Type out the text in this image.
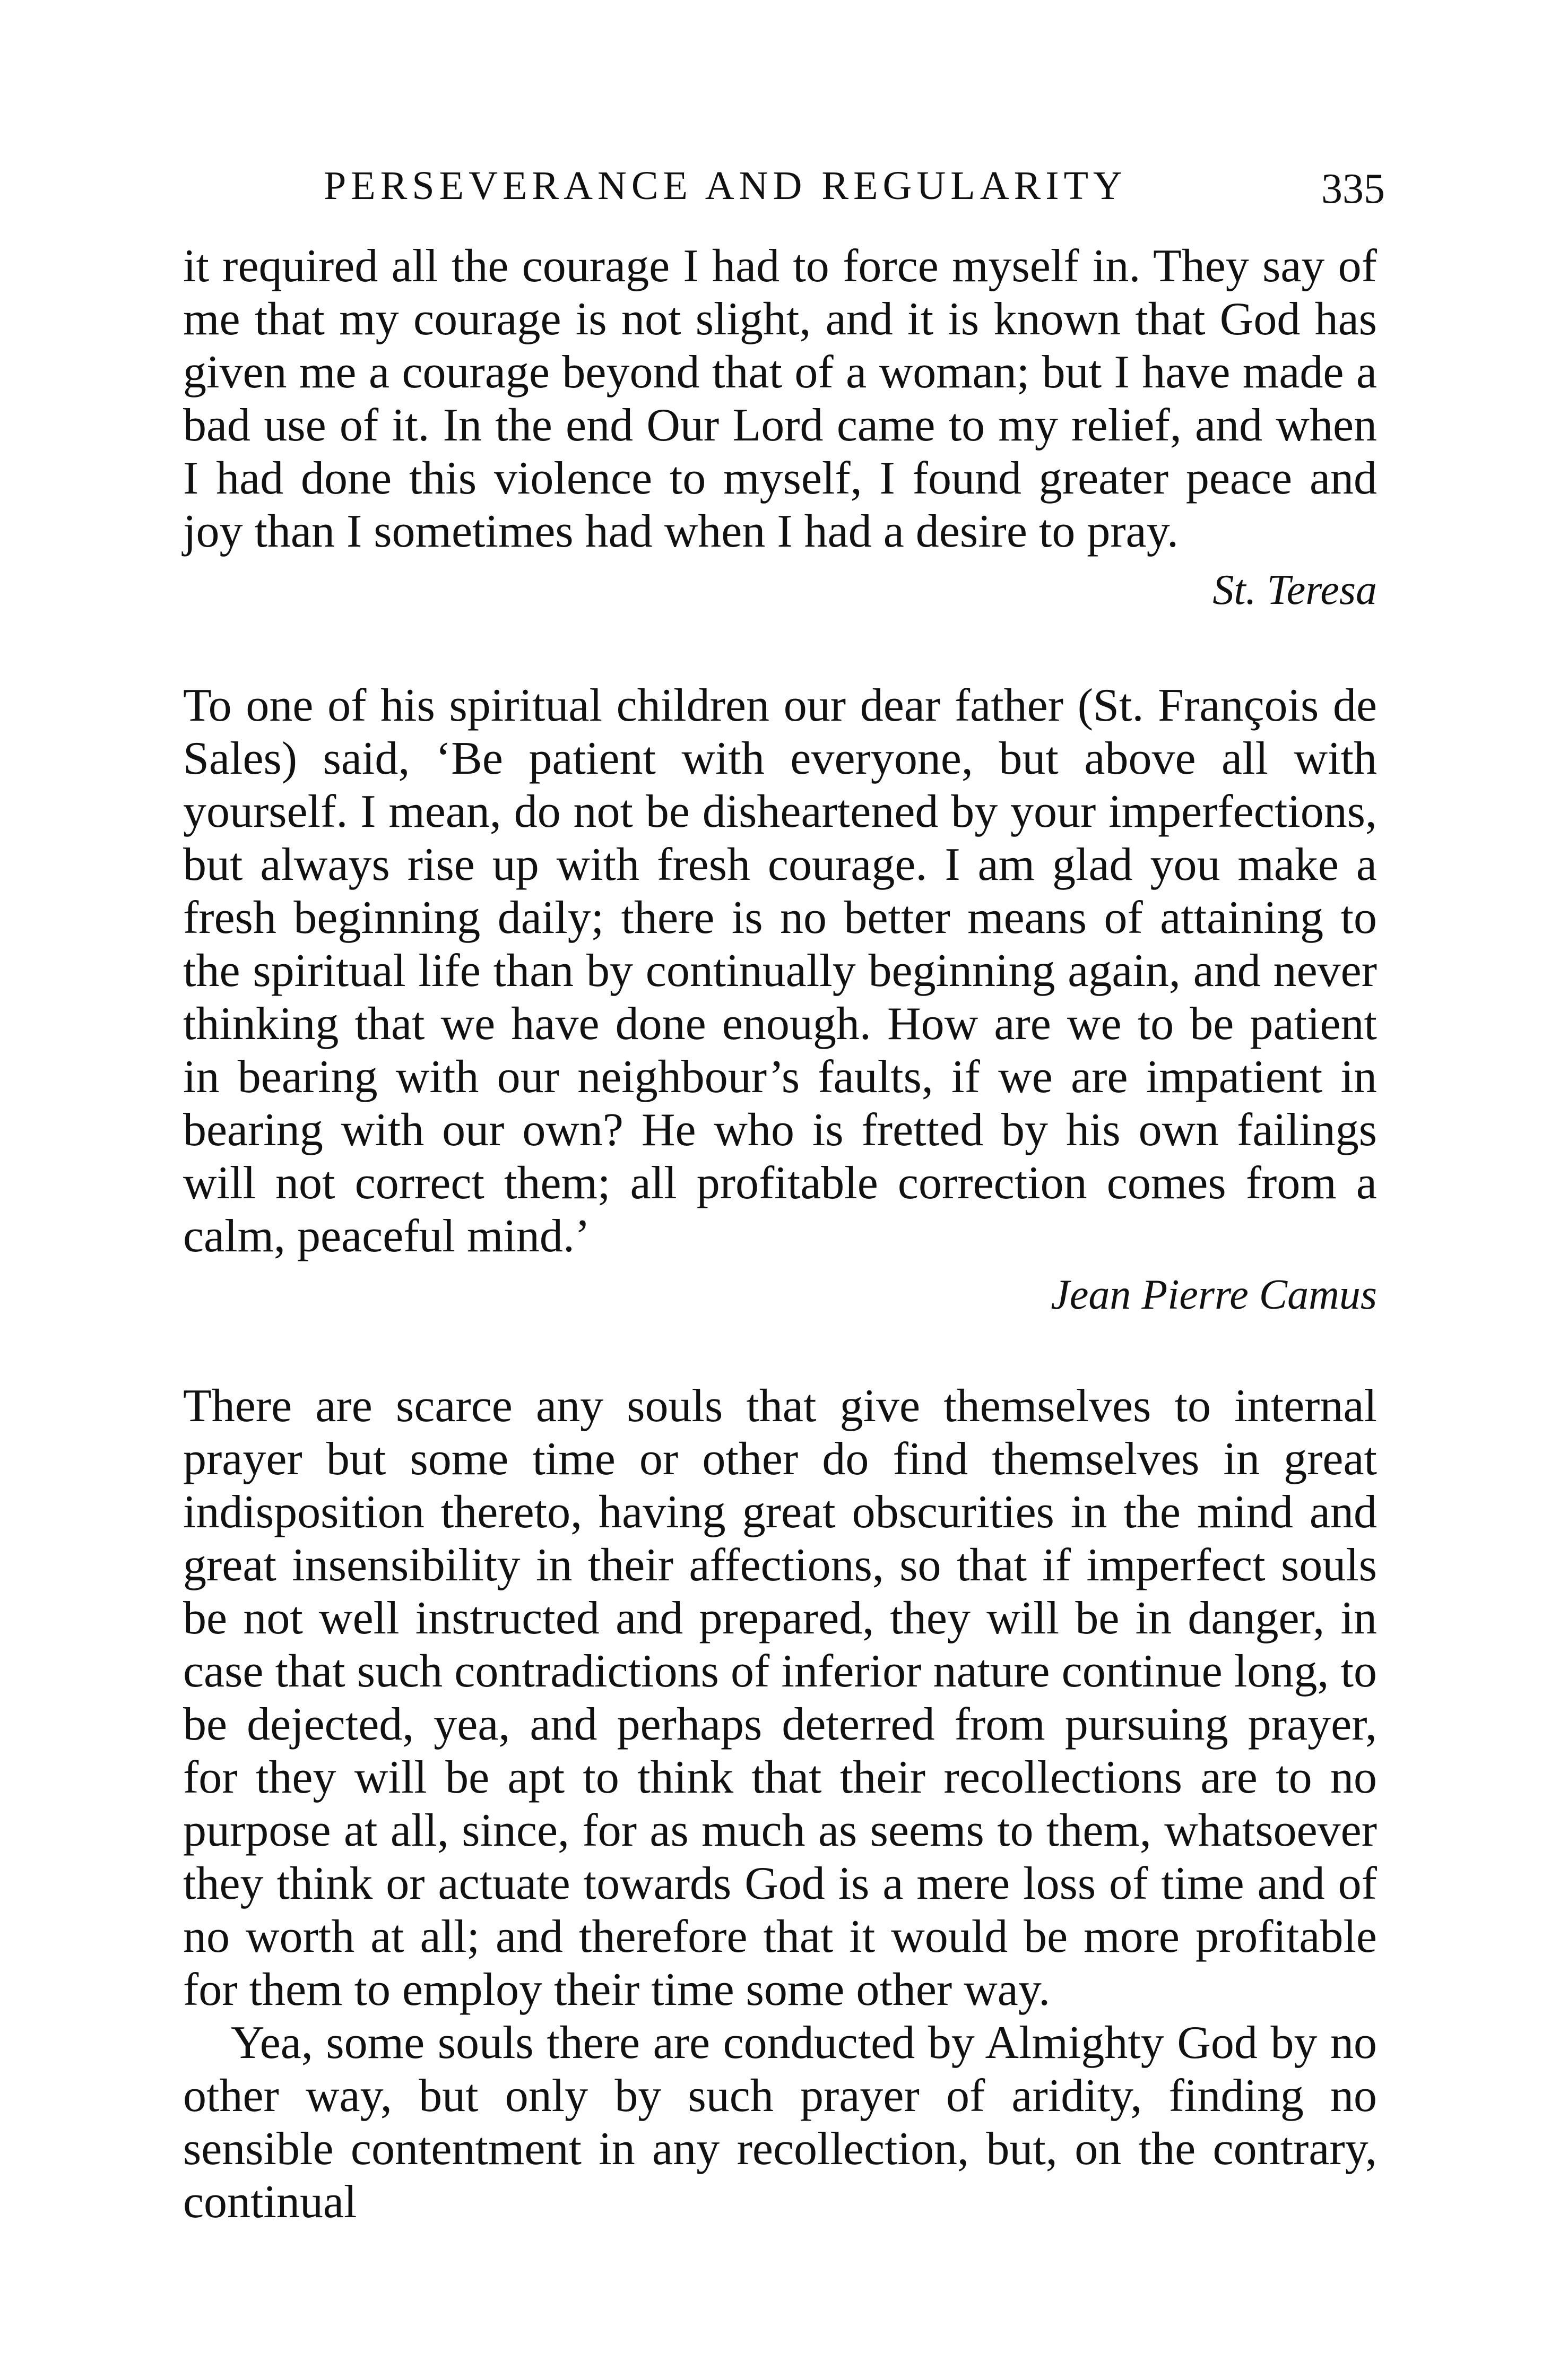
PERSEVERANCE AND REGULARITY	335

it required all the courage I had to force myself in. They say of me that my courage is not slight, and it is known that God has given me a courage beyond that of a woman; but I have made a bad use of it. In the end Our Lord came to my relief, and when I had done this violence to myself, I found greater peace and joy than I sometimes had when I had a desire to pray.

St. Teresa

To one of his spiritual children our dear father (St. François de Sales) said, ‘Be patient with everyone, but above all with yourself. I mean, do not be disheartened by your imperfections, but always rise up with fresh courage. I am glad you make a fresh beginning daily; there is no better means of attaining to the spiritual life than by continually beginning again, and never thinking that we have done enough. How are we to be patient in bearing with our neighbour’s faults, if we are impatient in bearing with our own? He who is fretted by his own failings will not correct them; all profitable correction comes from a calm, peaceful mind.’

Jean Pierre Camus

There are scarce any souls that give themselves to internal prayer but some time or other do find themselves in great indisposition thereto, having great obscurities in the mind and great insensibility in their affections, so that if imperfect souls be not well instructed and prepared, they will be in danger, in case that such contradictions of inferior nature continue long, to be dejected, yea, and perhaps deterred from pursuing prayer, for they will be apt to think that their recollections are to no purpose at all, since, for as much as seems to them, whatsoever they think or actuate towards God is a mere loss of time and of no worth at all; and therefore that it would be more profitable for them to employ their time some other way.

Yea, some souls there are conducted by Almighty God by no other way, but only by such prayer of aridity, finding no sensible contentment in any recollection, but, on the contrary, continual
